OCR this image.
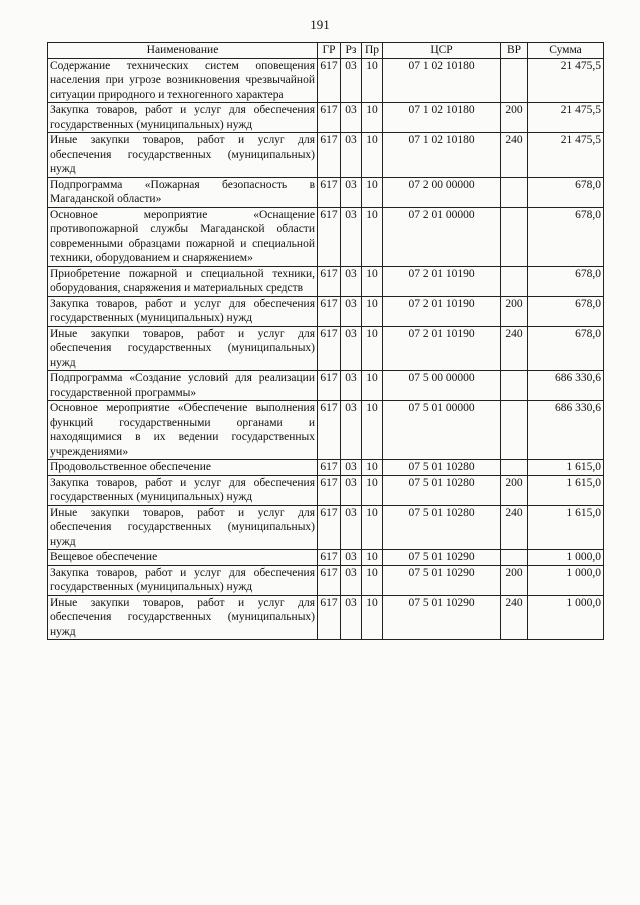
191
Наименование	ГР	Рз	Пр	ЦСР	ВР	Сумма
Содержание технических систем оповещения населения при угрозе возникновения чрезвычайной ситуации природного и техногенного характера	617	03	10	07 1 02 10180		21 475,5
Закупка товаров, работ и услуг для обеспечения государственных (муниципальных) нужд	617	03	10	07 1 02 10180	200	21 475,5
Иные закупки товаров, работ и услуг для обеспечения государственных (муниципальных) нужд	617	03	10	07 1 02 10180	240	21 475,5
Подпрограмма «Пожарная безопасность в Магаданской области»	617	03	10	07 2 00 00000		678,0
Основное мероприятие «Оснащение противопожарной службы Магаданской области современными образцами пожарной и специальной техники, оборудованием и снаряжением»	617	03	10	07 2 01 00000		678,0
Приобретение пожарной и специальной техники, оборудования, снаряжения и материальных средств	617	03	10	07 2 01 10190		678,0
Закупка товаров, работ и услуг для обеспечения государственных (муниципальных) нужд	617	03	10	07 2 01 10190	200	678,0
Иные закупки товаров, работ и услуг для обеспечения государственных (муниципальных) нужд	617	03	10	07 2 01 10190	240	678,0
Подпрограмма «Создание условий для реализации государственной программы»	617	03	10	07 5 00 00000		686 330,6
Основное мероприятие «Обеспечение выполнения функций государственными органами и находящимися в их ведении государственных учреждениями»	617	03	10	07 5 01 00000		686 330,6
Продовольственное обеспечение	617	03	10	07 5 01 10280		1 615,0
Закупка товаров, работ и услуг для обеспечения государственных (муниципальных) нужд	617	03	10	07 5 01 10280	200	1 615,0
Иные закупки товаров, работ и услуг для обеспечения государственных (муниципальных) нужд	617	03	10	07 5 01 10280	240	1 615,0
Вещевое обеспечение	617	03	10	07 5 01 10290		1 000,0
Закупка товаров, работ и услуг для обеспечения государственных (муниципальных) нужд	617	03	10	07 5 01 10290	200	1 000,0
Иные закупки товаров, работ и услуг для обеспечения государственных (муниципальных) нужд	617	03	10	07 5 01 10290	240	1 000,0
